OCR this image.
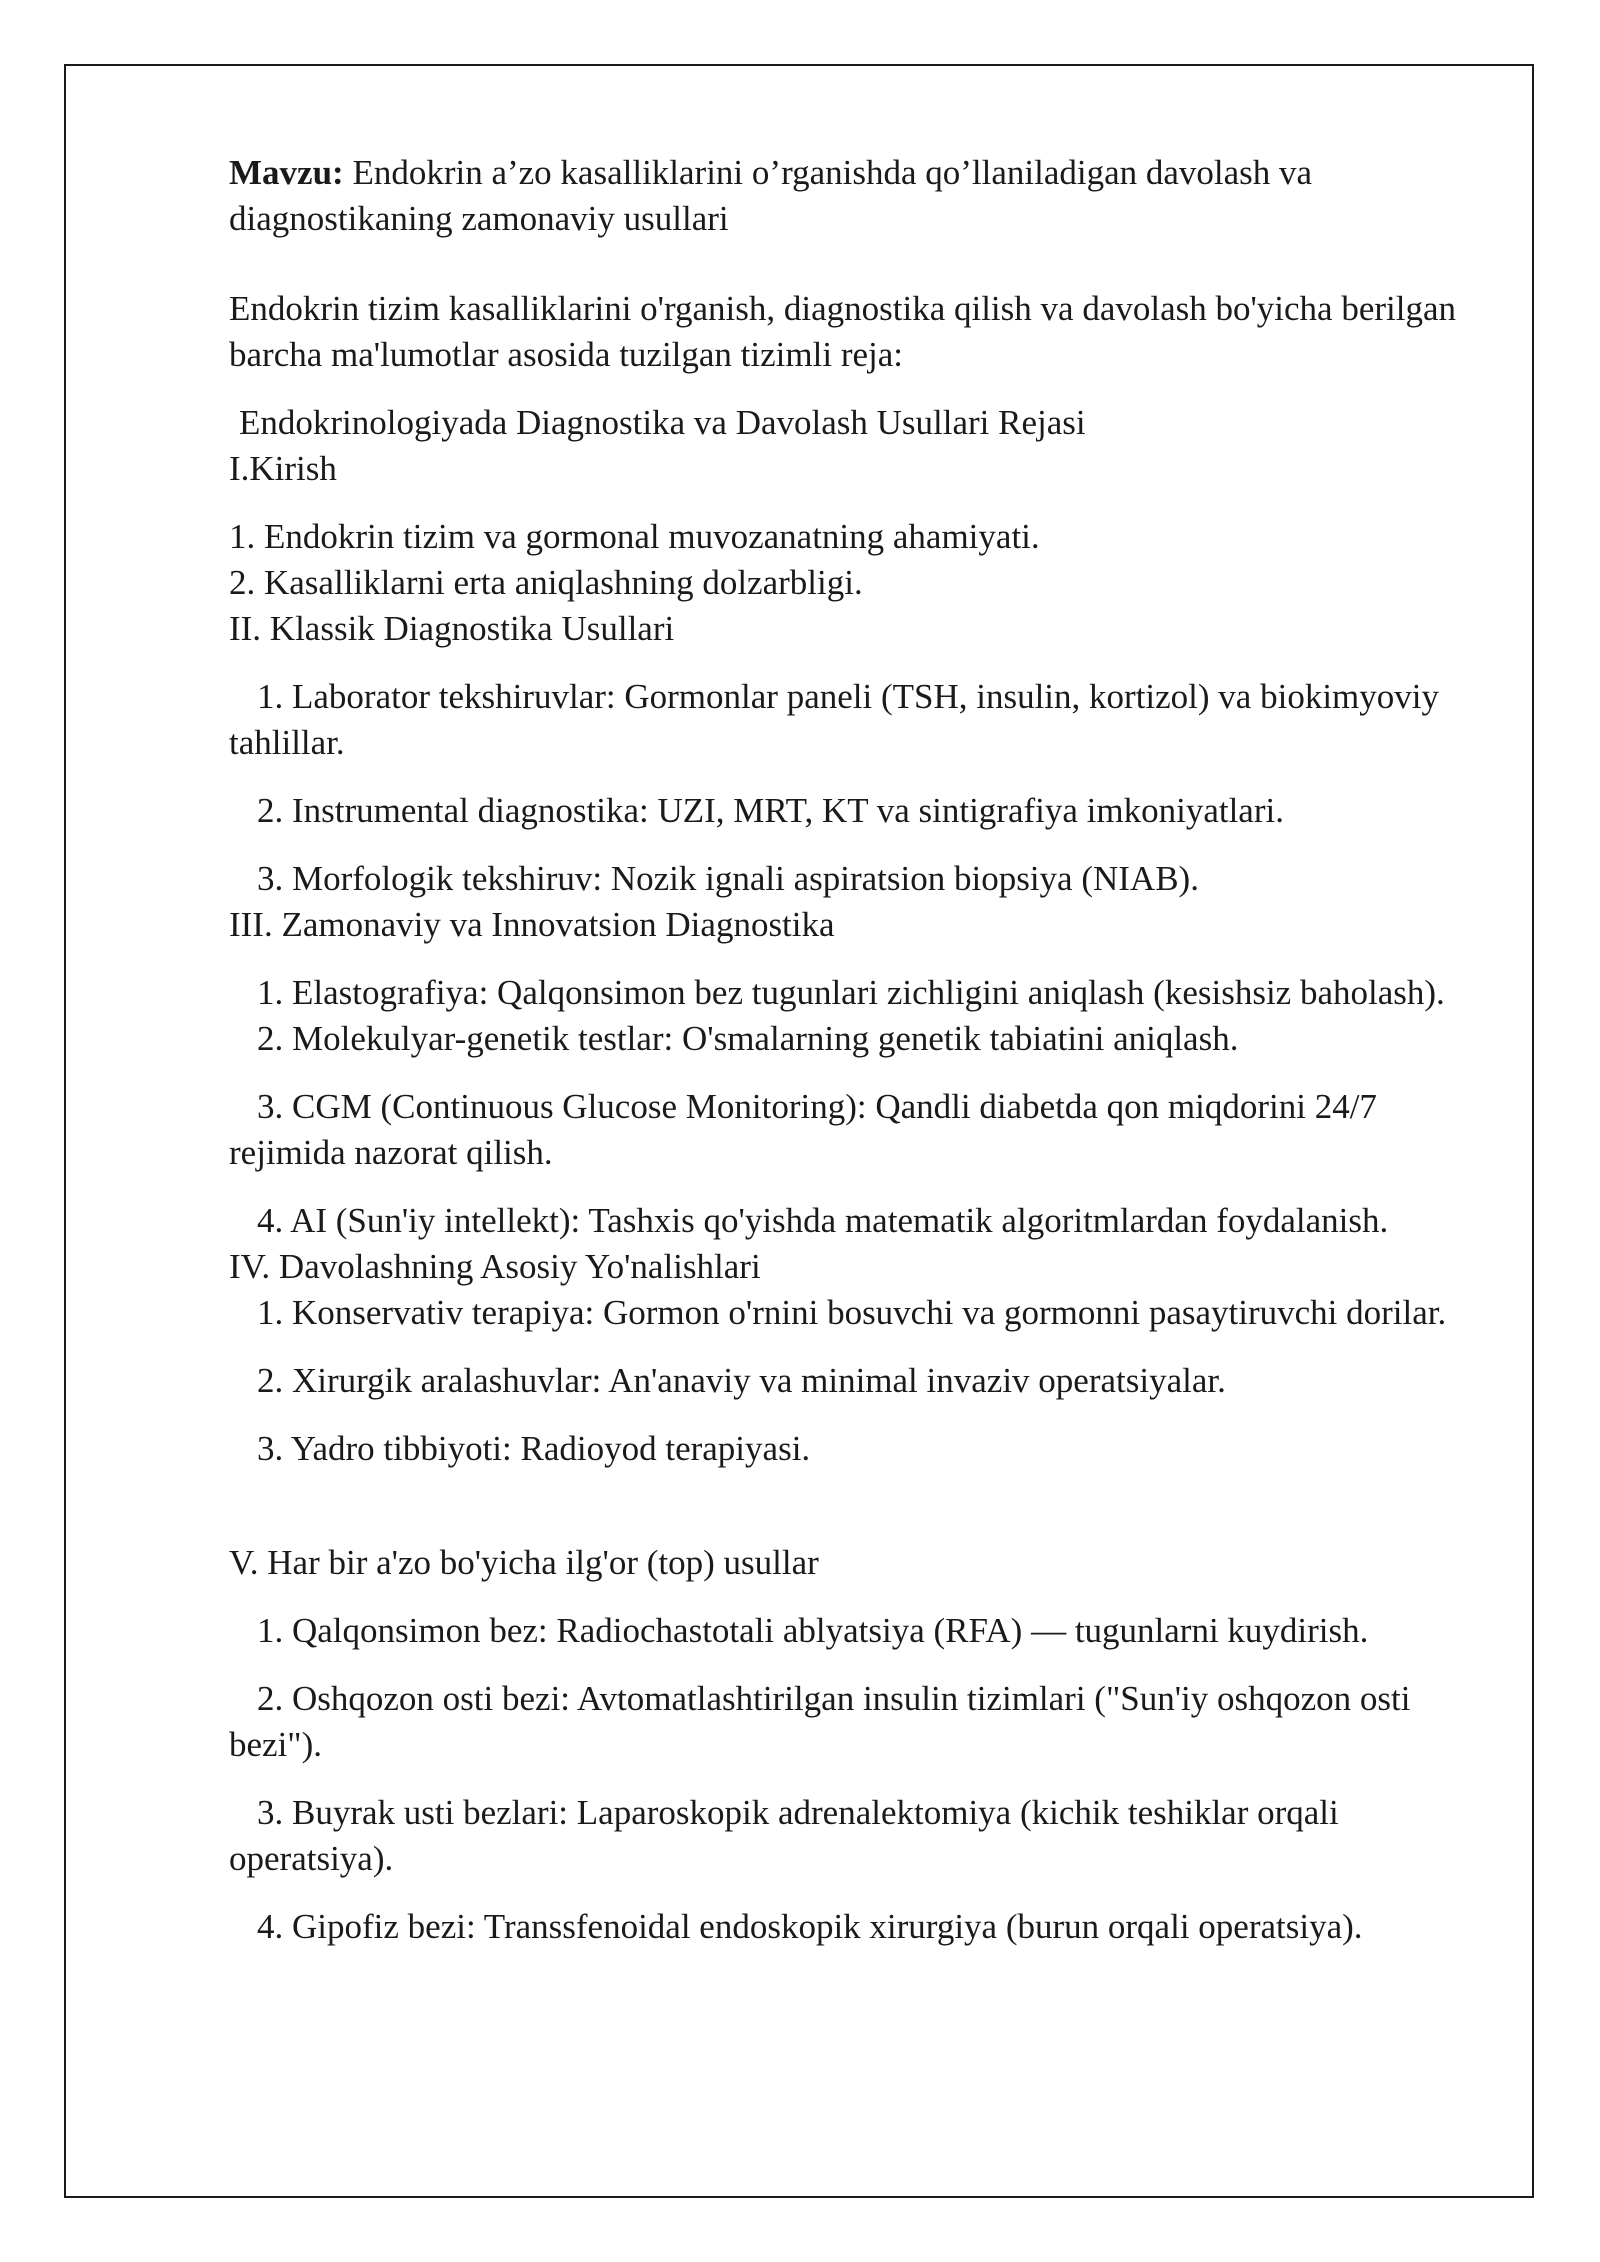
Mavzu: Endokrin a’zo kasalliklarini o’rganishda qo’llaniladigan davolash va diagnostikaning zamonaviy usullari

Endokrin tizim kasalliklarini o'rganish, diagnostika qilish va davolash bo'yicha berilgan barcha ma'lumotlar asosida tuzilgan tizimli reja:

Endokrinologiyada Diagnostika va Davolash Usullari Rejasi

I.Kirish

1. Endokrin tizim va gormonal muvozanatning ahamiyati.

2. Kasalliklarni erta aniqlashning dolzarbligi.

II. Klassik Diagnostika Usullari

1. Laborator tekshiruvlar: Gormonlar paneli (TSH, insulin, kortizol) va biokimyoviy tahlillar.

2. Instrumental diagnostika: UZI, MRT, KT va sintigrafiya imkoniyatlari.

3. Morfologik tekshiruv: Nozik ignali aspiratsion biopsiya (NIAB).

III. Zamonaviy va Innovatsion Diagnostika

1. Elastografiya: Qalqonsimon bez tugunlari zichligini aniqlash (kesishsiz baholash).

2. Molekulyar-genetik testlar: O'smalarning genetik tabiatini aniqlash.

3. CGM (Continuous Glucose Monitoring): Qandli diabetda qon miqdorini 24/7 rejimida nazorat qilish.

4. AI (Sun'iy intellekt): Tashxis qo'yishda matematik algoritmlardan foydalanish.

IV. Davolashning Asosiy Yo'nalishlari

1. Konservativ terapiya: Gormon o'rnini bosuvchi va gormonni pasaytiruvchi dorilar.

2. Xirurgik aralashuvlar: An'anaviy va minimal invaziv operatsiyalar.

3. Yadro tibbiyoti: Radioyod terapiyasi.

V. Har bir a'zo bo'yicha ilg'or (top) usullar

1. Qalqonsimon bez: Radiochastotali ablyatsiya (RFA) — tugunlarni kuydirish.

2. Oshqozon osti bezi: Avtomatlashtirilgan insulin tizimlari ("Sun'iy oshqozon osti bezi").

3. Buyrak usti bezlari: Laparoskopik adrenalektomiya (kichik teshiklar orqali operatsiya).

4. Gipofiz bezi: Transsfenoidal endoskopik xirurgiya (burun orqali operatsiya).
